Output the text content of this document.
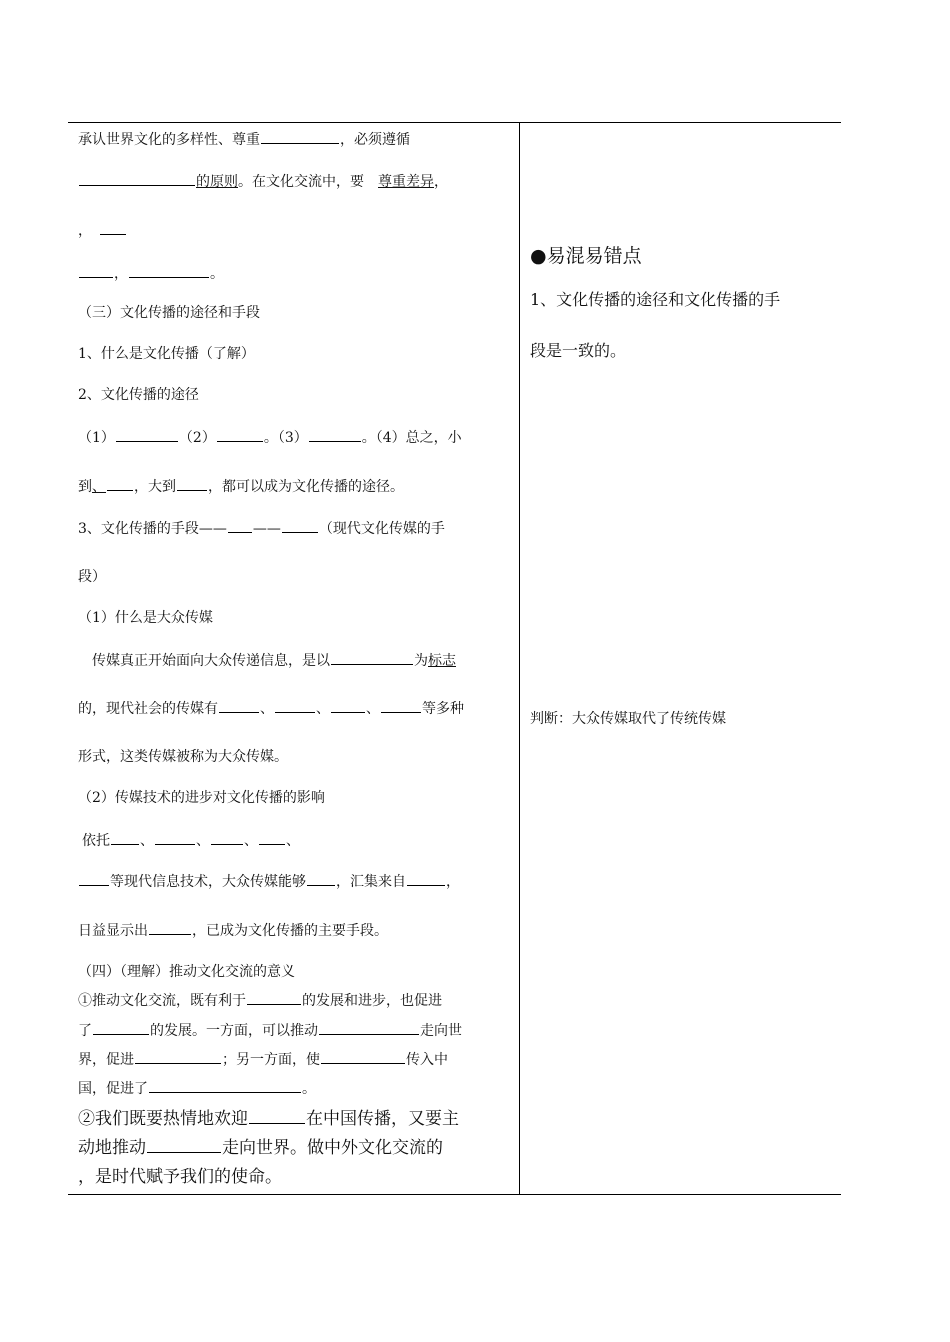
承认世界文化的多样性、尊重	，必须遵循
的原则。在文化交流中，要 尊重差异，
，
，	。
（三）文化传播的途径和手段
1、什么是文化传播（了解）
2、文化传播的途径
（1）	（2）	。（3）	。（4）总之，小
到、 ，大到 ，都可以成为文化传播的途径。
3、文化传播的手段—— ——	（现代文化传媒的手
段）
（1）什么是大众传媒
传媒真正开始面向大众传递信息，是以	为标志
的，现代社会的传媒有	、	、	、	等多种
形式，这类传媒被称为大众传媒。
（2）传媒技术的进步对文化传播的影响
依托 、	、 、 、
等现代信息技术，大众传媒能够 ，汇集来自	，
日益显示出	，已成为文化传播的主要手段。
（四）（理解）推动文化交流的意义
①推动文化交流，既有利于	的发展和进步，也促进
了	的发展。一方面，可以推动	走向世
界，促进	；另一方面，使	传入中
国，促进了	。
②我们既要热情地欢迎	在中国传播，又要主
动地推动	走向世界。做中外文化交流的
，是时代赋予我们的使命。
●易混易错点
1、文化传播的途径和文化传播的手
段是一致的。
判断：大众传媒取代了传统传媒
